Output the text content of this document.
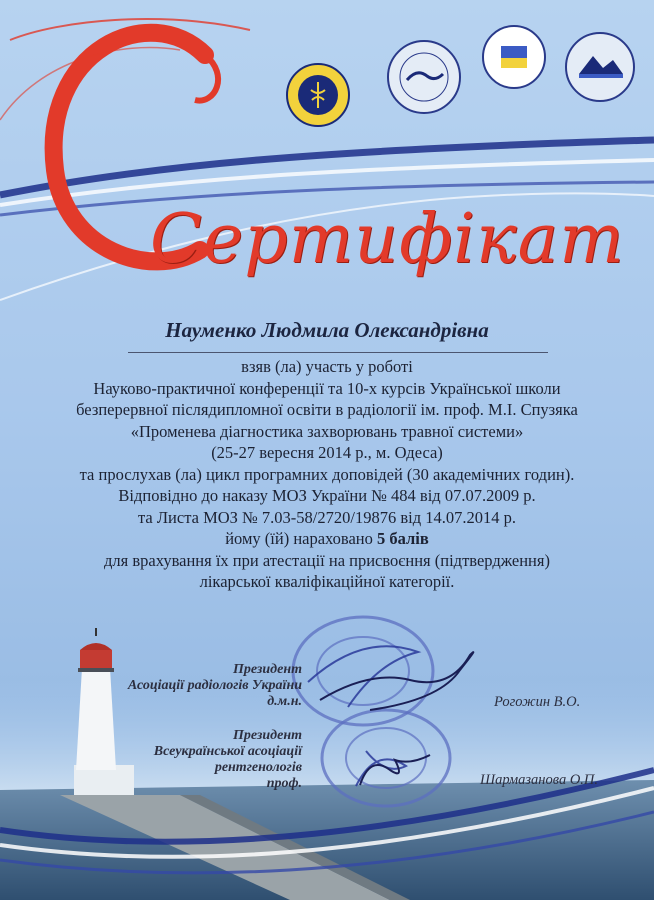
Сертифікат
Науменко Людмила Олександрівна
взяв (ла) участь у роботі
Науково-практичної конференції та 10-х курсів Української школи
безперервної післядипломної освіти в радіології ім. проф. М.І. Спузяка
«Променева діагностика захворювань травної системи»
(25-27 вересня 2014 р., м. Одеса)
та прослухав (ла) цикл програмних доповідей (30 академічних годин).
Відповідно до наказу МОЗ України № 484 від 07.07.2009 р.
та Листа МОЗ № 7.03-58/2720/19876 від 14.07.2014 р.
йому (їй) нараховано 5 балів
для врахування їх при атестації на присвоєння (підтвердження)
лікарської кваліфікаційної категорії.
Президент
Асоціації радіологів України
д.м.н.	Рогожин В.О.
Президент
Всеукраїнської асоціації
рентгенологів
проф.	Шармазанова О.П.
